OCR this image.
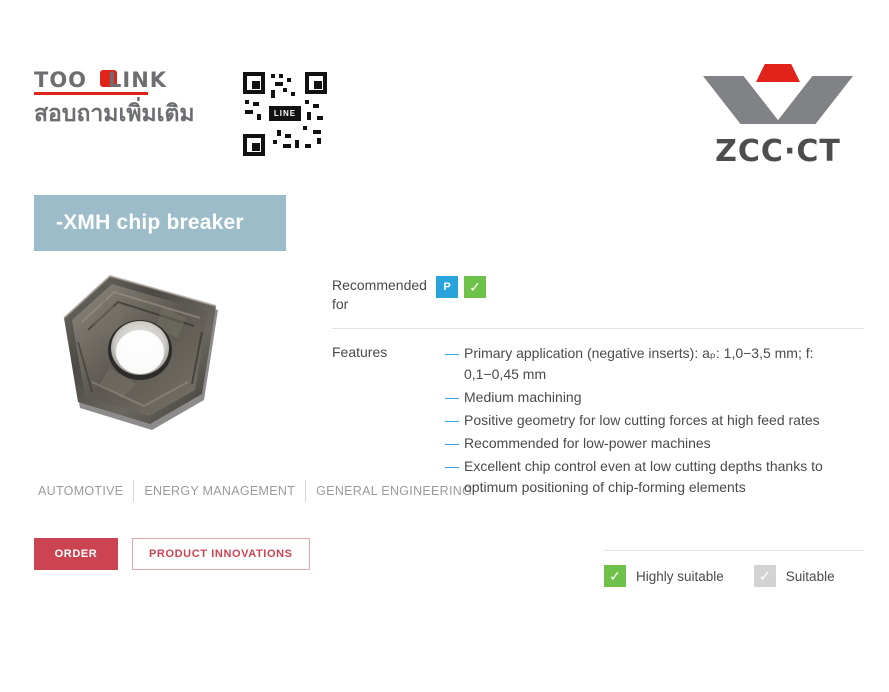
TOO LINK
สอบถามเพิ่มเติม	LINE
ZCC·CT
-XMH chip breaker
AUTOMOTIVE	ENERGY MANAGEMENT	GENERAL ENGINEERING
ORDER	PRODUCT INNOVATIONS
Recommended for
P	✓
Features	— Primary application (negative inserts): aₚ: 1,0−3,5 mm; f: 0,1−0,45 mm
— Medium machining
— Positive geometry for low cutting forces at high feed rates
— Recommended for low-power machines
— Excellent chip control even at low cutting depths thanks to optimum positioning of chip-forming elements
✓	Highly suitable	✓	Suitable
